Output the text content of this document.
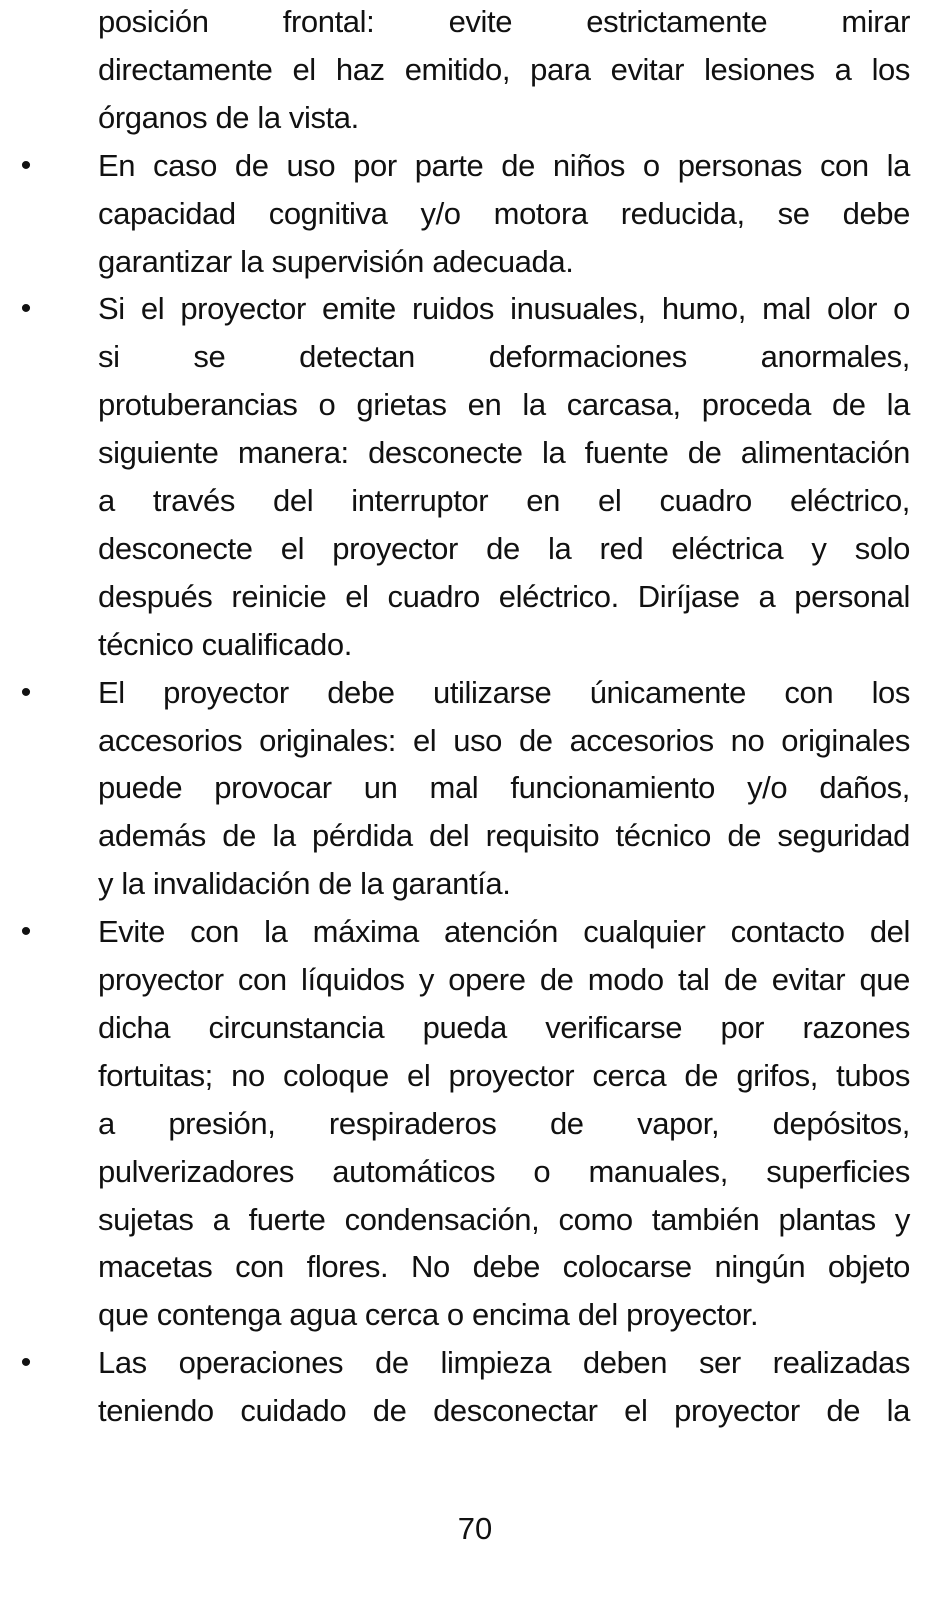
posición frontal: evite estrictamente mirar
directamente el haz emitido, para evitar lesiones a los
órganos de la vista.
• En caso de uso por parte de niños o personas con la
capacidad cognitiva y/o motora reducida, se debe
garantizar la supervisión adecuada.
• Si el proyector emite ruidos inusuales, humo, mal olor o
si se detectan deformaciones anormales,
protuberancias o grietas en la carcasa, proceda de la
siguiente manera: desconecte la fuente de alimentación
a través del interruptor en el cuadro eléctrico,
desconecte el proyector de la red eléctrica y solo
después reinicie el cuadro eléctrico. Diríjase a personal
técnico cualificado.
• El proyector debe utilizarse únicamente con los
accesorios originales: el uso de accesorios no originales
puede provocar un mal funcionamiento y/o daños,
además de la pérdida del requisito técnico de seguridad
y la invalidación de la garantía.
• Evite con la máxima atención cualquier contacto del
proyector con líquidos y opere de modo tal de evitar que
dicha circunstancia pueda verificarse por razones
fortuitas; no coloque el proyector cerca de grifos, tubos
a presión, respiraderos de vapor, depósitos,
pulverizadores automáticos o manuales, superficies
sujetas a fuerte condensación, como también plantas y
macetas con flores. No debe colocarse ningún objeto
que contenga agua cerca o encima del proyector.
• Las operaciones de limpieza deben ser realizadas
teniendo cuidado de desconectar el proyector de la
70
